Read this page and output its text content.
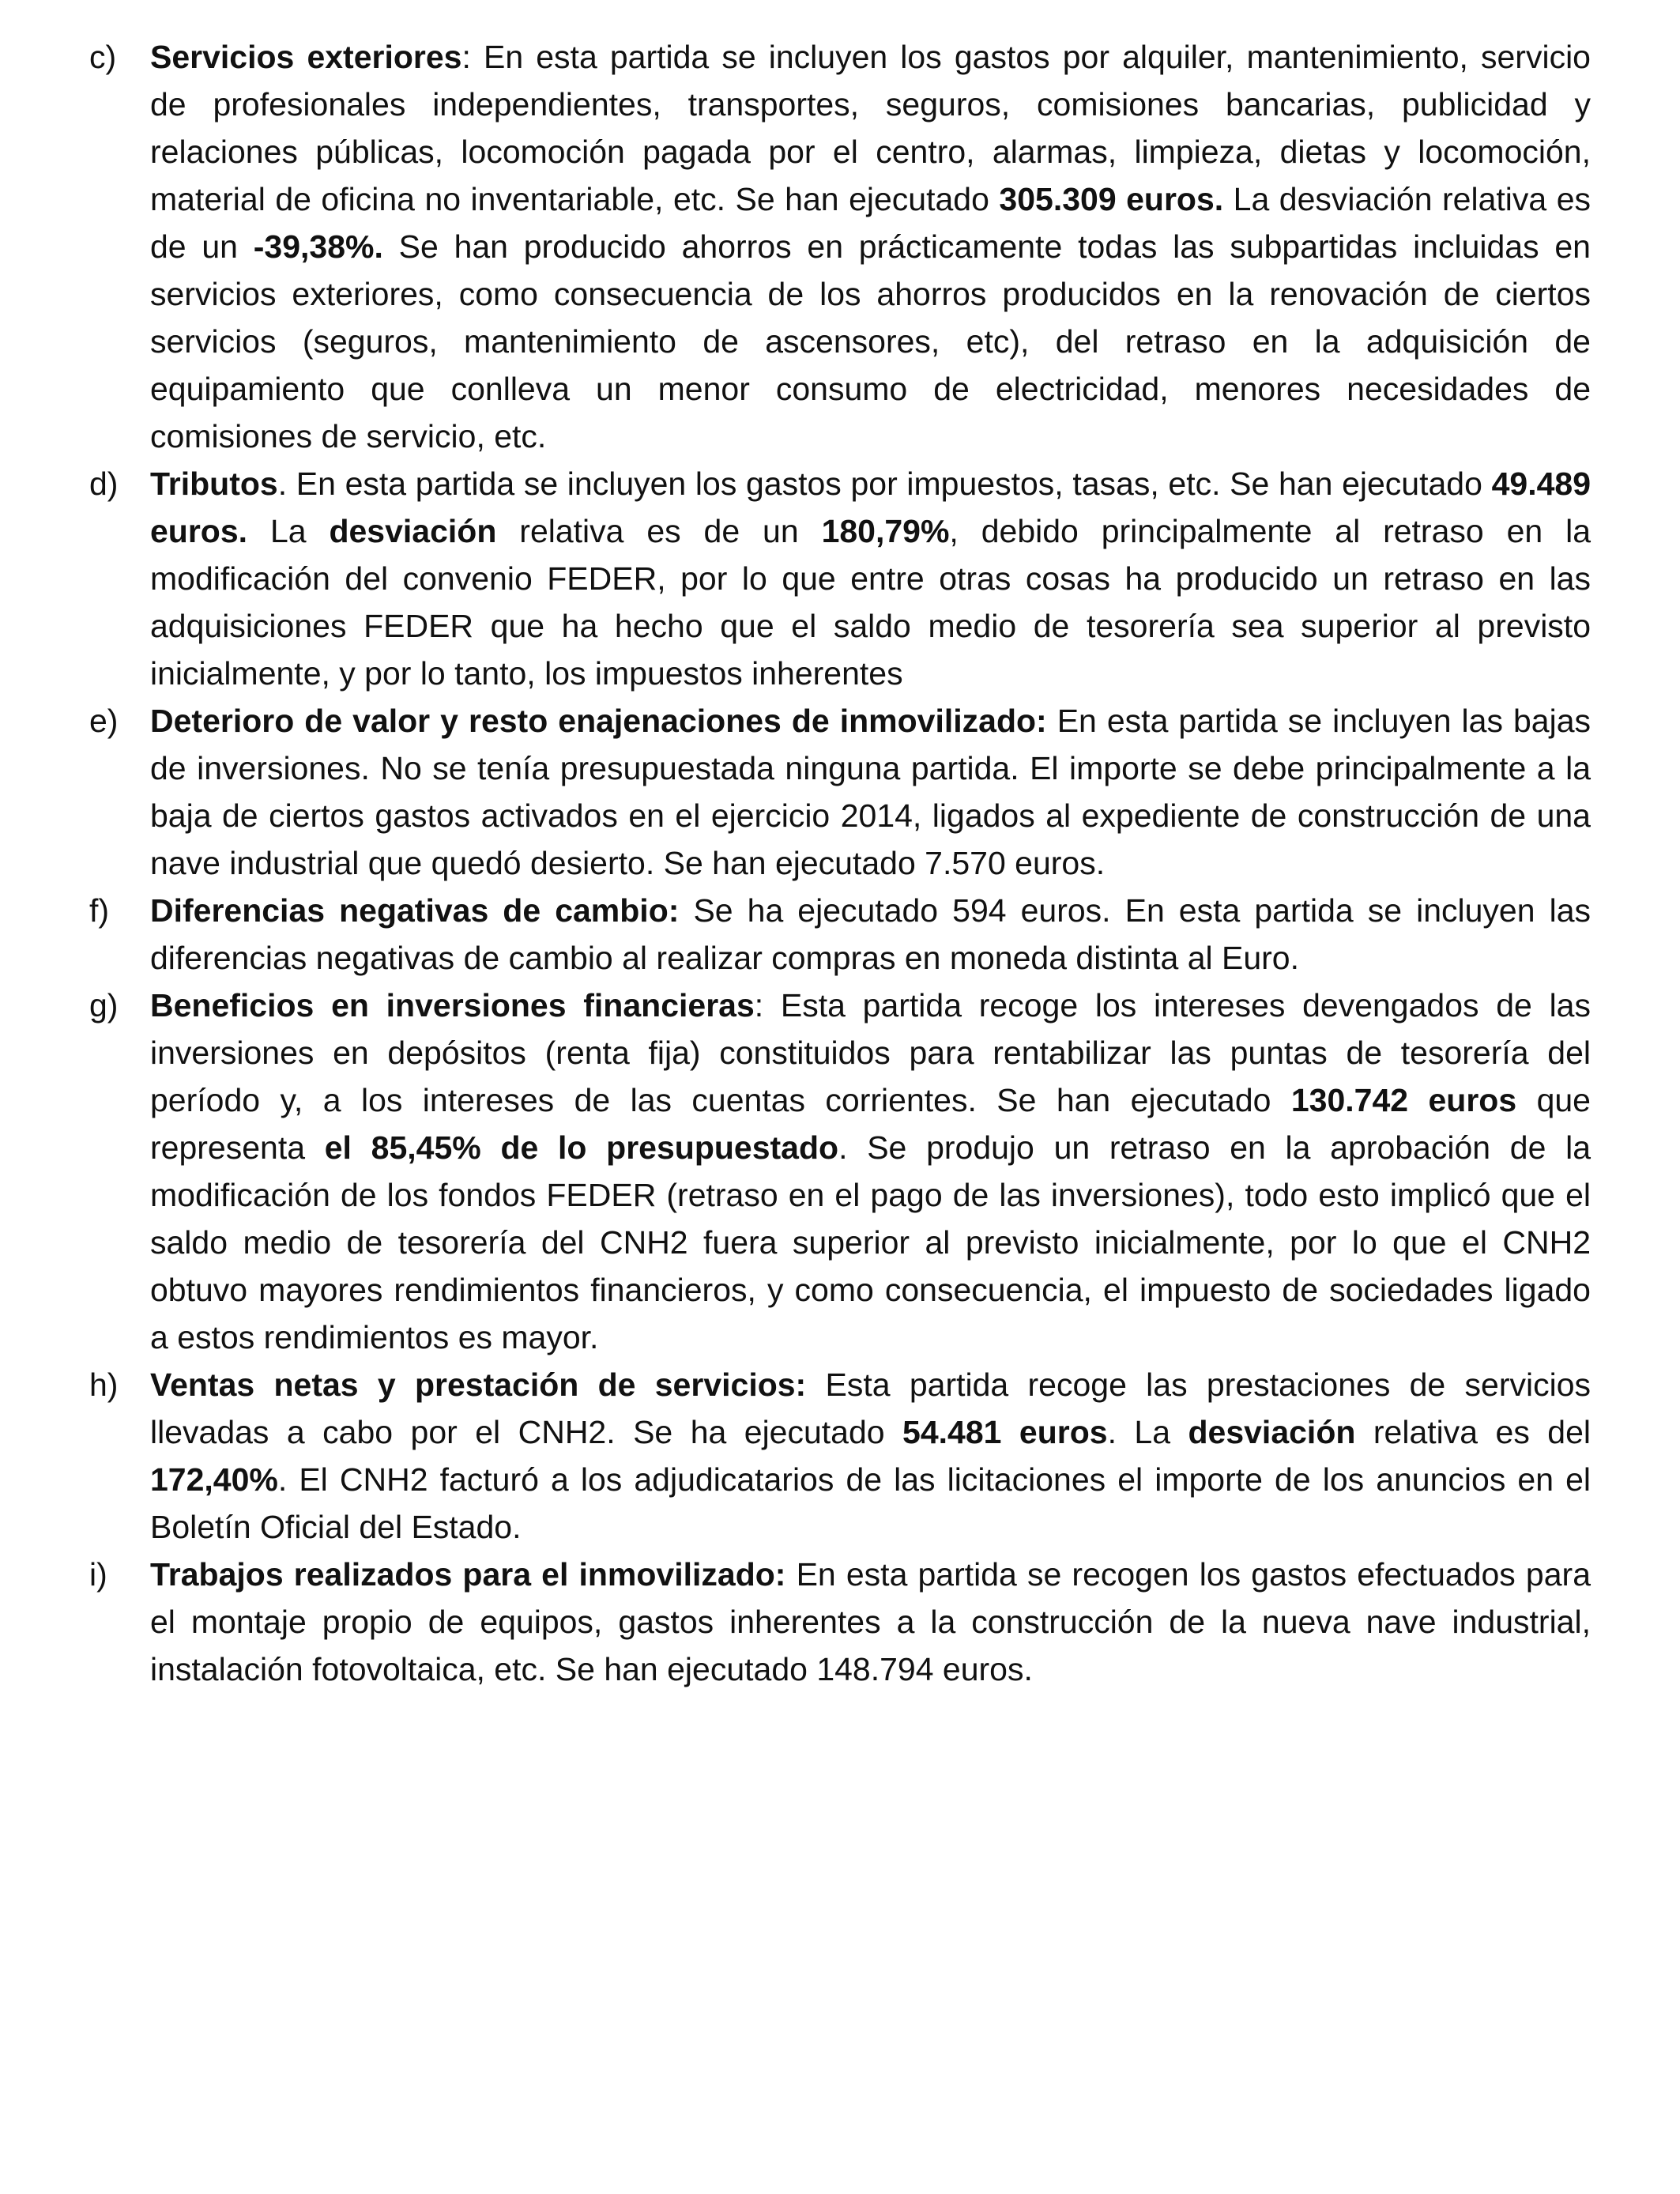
c)	Servicios exteriores: En esta partida se incluyen los gastos por alquiler, mantenimiento, servicio de profesionales independientes, transportes, seguros, comisiones bancarias, publicidad y relaciones públicas, locomoción pagada por el centro, alarmas, limpieza, dietas y locomoción, material de oficina no inventariable, etc. Se han ejecutado 305.309 euros. La desviación relativa es de un -39,38%. Se han producido ahorros en prácticamente todas las subpartidas incluidas en servicios exteriores, como consecuencia de los ahorros producidos en la renovación de ciertos servicios (seguros, mantenimiento de ascensores, etc), del retraso en la adquisición de equipamiento que conlleva un menor consumo de electricidad, menores necesidades de comisiones de servicio, etc.

d) Tributos. En esta partida se incluyen los gastos por impuestos, tasas, etc. Se han ejecutado 49.489 euros. La desviación relativa es de un 180,79%, debido principalmente al retraso en la modificación del convenio FEDER, por lo que entre otras cosas ha producido un retraso en las adquisiciones FEDER que ha hecho que el saldo medio de tesorería sea superior al previsto inicialmente, y por lo tanto, los impuestos inherentes

e) Deterioro de valor y resto enajenaciones de inmovilizado: En esta partida se incluyen las bajas de inversiones. No se tenía presupuestada ninguna partida. El importe se debe principalmente a la baja de ciertos gastos activados en el ejercicio 2014, ligados al expediente de construcción de una nave industrial que quedó desierto. Se han ejecutado 7.570 euros.

f)	Diferencias negativas de cambio: Se ha ejecutado 594 euros. En esta partida se incluyen las diferencias negativas de cambio al realizar compras en moneda distinta al Euro.

g) Beneficios en inversiones financieras: Esta partida recoge los intereses devengados de las inversiones en depósitos (renta fija) constituidos para rentabilizar las puntas de tesorería del período y, a los intereses de las cuentas corrientes. Se han ejecutado 130.742 euros que representa el 85,45% de lo presupuestado. Se produjo un retraso en la aprobación de la modificación de los fondos FEDER (retraso en el pago de las inversiones), todo esto implicó que el saldo medio de tesorería del CNH2 fuera superior al previsto inicialmente, por lo que el CNH2 obtuvo mayores rendimientos financieros, y como consecuencia, el impuesto de sociedades ligado a estos rendimientos es mayor.

h) Ventas netas y prestación de servicios: Esta partida recoge las prestaciones de servicios llevadas a cabo por el CNH2. Se ha ejecutado 54.481 euros. La desviación relativa es del 172,40%. El CNH2 facturó a los adjudicatarios de las licitaciones el importe de los anuncios en el Boletín Oficial del Estado.

i)	Trabajos realizados para el inmovilizado: En esta partida se recogen los gastos efectuados para el montaje propio de equipos, gastos inherentes a la construcción de la nueva nave industrial, instalación fotovoltaica, etc. Se han ejecutado 148.794 euros.
